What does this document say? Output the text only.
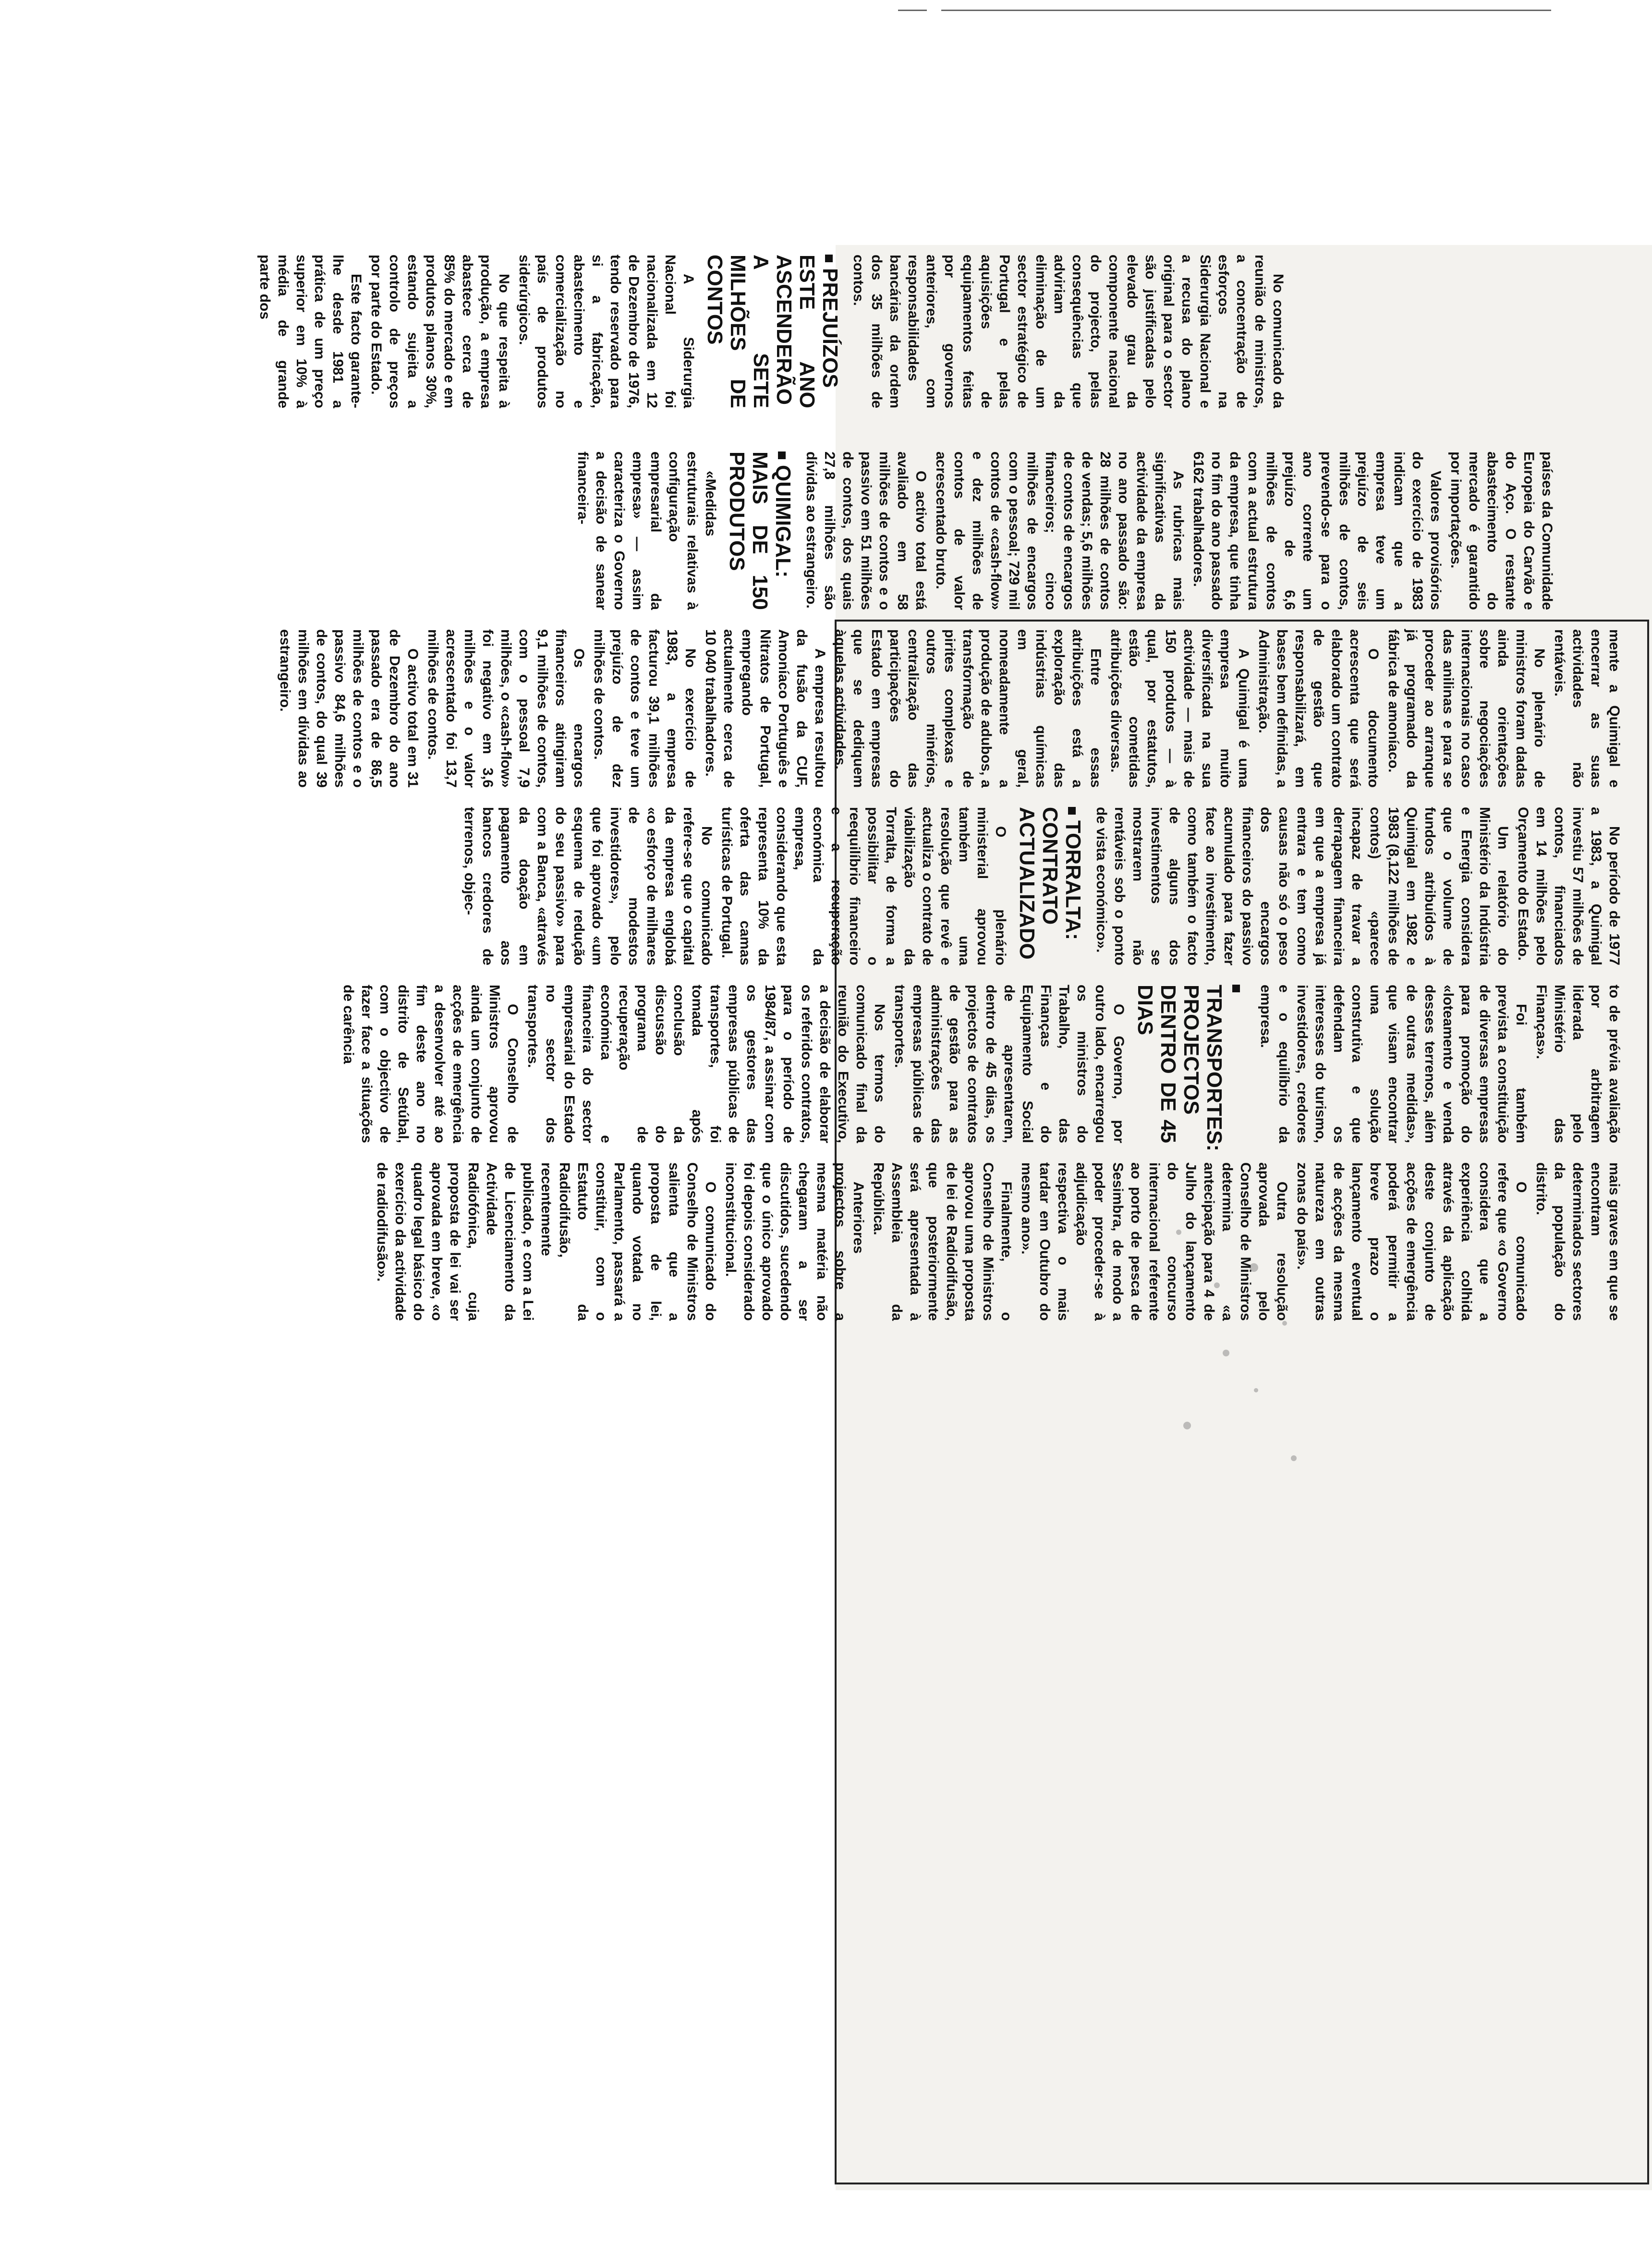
No comunicado da reunião de ministros, a concentração de esforços na Siderurgia Nacional e a recusa do plano original para o sector são justificadas pelo elevado grau da componente nacional do projecto, pelas consequências que adviriam da eliminação de um sector estratégico de Portugal e pelas aquisições de equipamentos feitas por governos anteriores, com responsabilidades bancárias da ordem dos 35 milhões de contos.

PREJUÍZOS ESTE ANO ASCENDERÃO A SETE MILHÕES DE CONTOS

A Siderurgia Nacional foi nacionalizada em 12 de Dezembro de 1976, tendo reservado para si a fabricação, abastecimento e comercialização no país de produtos siderúrgicos.

No que respeita à produção, a empresa abastece cerca de 85% do mercado e em produtos planos 30%, estando sujeita a controlo de preços por parte do Estado.

Este facto garante-lhe desde 1981 a prática de um preço superior em 10% à média de grande parte dos

países da Comunidade Europeia do Carvão e do Aço. O restante abastecimento do mercado é garantido por importações.

Valores provisórios do exercício de 1983 indicam que a empresa teve um prejuízo de seis milhões de contos, prevendo-se para o ano corrente um prejuízo de 6,6 milhões de contos com a actual estrutura da empresa, que tinha no fim do ano passado 6162 trabalhadores.

As rubricas mais significativas da actividade da empresa no ano passado são: 28 milhões de contos de vendas; 5,6 milhões de contos de encargos financeiros; cinco milhões de encargos com o pessoal; 729 mil contos de «cash-flow» e dez milhões de contos de valor acrescentado bruto.

O activo total está avaliado em 58 milhões de contos e o passivo em 51 milhões de contos, dos quais 27,8 milhões são dívidas ao estrangeiro.

QUIMIGAL: MAIS DE 150 PRODUTOS

«Medidas estruturais relativas à configuração empresarial da empresa» — assim caracteriza o Governo a decisão de sanear financeira-

mente a Quimigal e encerrar as suas actividades não rentáveis.

No plenário de ministros foram dadas ainda orientações sobre negociações internacionais no caso das anilinas e para se proceder ao arranque já programado da fábrica de amoníaco.

O documento acrescenta que será elaborado um contrato de gestão que responsabilizará, em bases bem definidas, a Administração.

A Quimigal é uma empresa muito diversificada na sua actividade — mais de 150 produtos — à qual, por estatutos, estão cometidas atribuições diversas.

Entre essas atribuições está a exploração das indústrias químicas em geral, nomeadamente a produção de adubos, a transformação de pirites complexas e outros minérios, centralização das participações do Estado em empresas que se dediquem àquelas actividades.

A empresa resultou da fusão da CUF, Amoníaco Português e Nitratos de Portugal, empregando actualmente cerca de 10 040 trabalhadores.

No exercício de 1983, a empresa facturou 39,1 milhões de contos e teve um prejuízo de dez milhões de contos.

Os encargos financeiros atingiram 9,1 milhões de contos, com o pessoal 7,9 milhões, o «cash-flow» foi negativo em 3,6 milhões e o valor acrescentado foi 13,7 milhões de contos.

O activo total em 31 de Dezembro do ano passado era de 86,5 milhões de contos e o passivo 84,6 milhões de contos, do qual 39 milhões em dívidas ao estrangeiro.

No período de 1977 a 1983, a Quimigal investiu 57 milhões de contos, financiados em 14 milhões pelo Orçamento do Estado.

Um relatório do Ministério da Indústria e Energia considera que o volume de fundos atribuídos à Quimigal em 1982 e 1983 (8,122 milhões de contos) «parece incapaz de travar a derrapagem financeira em que a empresa já entrara e tem como causas não só o peso dos encargos financeiros do passivo acumulado para fazer face ao investimento, como também o facto de alguns dos investimentos se mostrarem não rentáveis sob o ponto de vista económico».

TORRALTA: CONTRATO ACTUALIZADO

O plenário ministerial aprovou também uma resolução que revê e actualiza o contrato de viabilização da Torralta, de forma a possibilitar o reequilíbrio financeiro e a recuperação económica da empresa, considerando que esta representa 10% da oferta das camas turísticas de Portugal.

No comunicado refere-se que o capital da empresa englobá «o esforço de milhares de modestos investidores», pelo que foi aprovado «um esquema de redução do seu passivo» para com a Banca, «através da doação em pagamento aos bancos credores de terrenos, objec-

to de prévia avaliação por arbitragem liderada pelo Ministério das Finanças».

Foi também prevista a constituição de diversas empresas para promoção do «loteamento e venda desses terrenos, além de outras medidas», que visam encontrar uma solução construtiva e que defendam os interesses do turismo, investidores, credores e o equilíbrio da empresa.

TRANSPORTES: PROJECTOS DENTRO DE 45 DIAS

O Governo, por outro lado, encarregou os ministros do Trabalho, das Finanças e do Equipamento Social de apresentarem, dentro de 45 dias, os projectos de contratos de gestão para as administrações das empresas públicas de transportes.

Nos termos do comunicado final da reunião do Executivo, a decisão de elaborar os referidos contratos, para o período de 1984/87, a assinar com os gestores das empresas públicas de transportes, foi tomada após conclusão da discussão do programa de recuperação económica e financeira do sector empresarial do Estado no sector dos transportes.

O Conselho de Ministros aprovou ainda um conjunto de acções de emergência a desenvolver até ao fim deste ano no distrito de Setúbal, com o objectivo de fazer face a situações de carência

mais graves em que se encontram determinados sectores da população do distrito.

O comunicado refere que «o Governo considera que a experiência colhida através da aplicação deste conjunto de acções de emergência poderá permitir a breve prazo o lançamento eventual de acções da mesma natureza em outras zonas do país».

Outra resolução aprovada pelo Conselho de Ministros determina «a antecipação para 4 de Julho do lançamento do concurso internacional referente ao porto de pesca de Sesimbra, de modo a poder proceder-se à adjudicação respectiva o mais tardar em Outubro do mesmo ano».

Finalmente, o Conselho de Ministros aprovou uma proposta de lei de Radiodifusão, que posteriormente será apresentada à Assembleia da República.

Anteriores projectos sobre a mesma matéria não chegaram a ser discutidos, sucedendo que o único aprovado foi depois considerado inconstitucional.

O comunicado do Conselho de Ministros salienta que a proposta de lei, quando votada no Parlamento, passará a constituir, com o Estatuto da Radiodifusão, recentemente publicado, e com a Lei de Licenciamento da Actividade Radiofónica, cuja proposta de lei vai ser aprovada em breve, «o quadro legal básico do exercício da actividade de radiodifusão».
